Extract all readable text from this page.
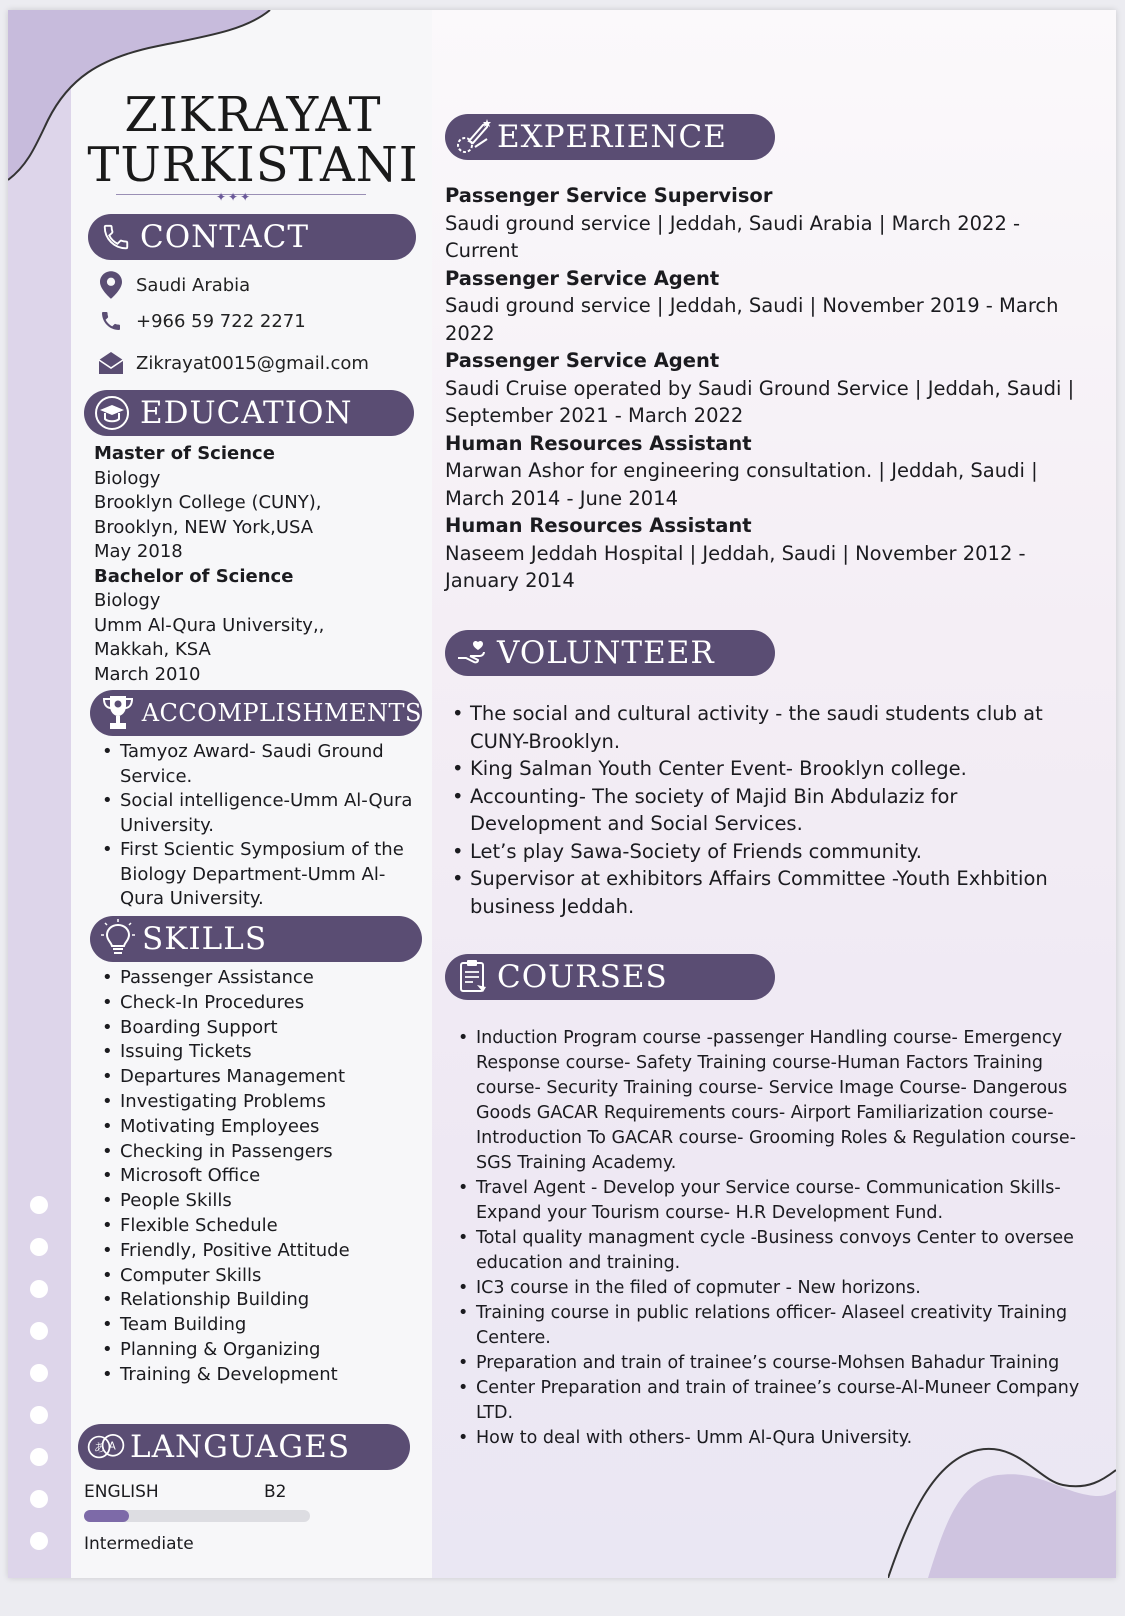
ZIKRAYAT
TURKISTANI
✦✦✦
CONTACT
Saudi Arabia
+966 59 722 2271
Zikrayat0015@gmail.com
EDUCATION
Master of Science
Biology
Brooklyn College (CUNY),
Brooklyn, NEW York,USA
May 2018
Bachelor of Science
Biology
Umm Al-Qura University,,
Makkah, KSA
March 2010
ACCOMPLISHMENTS
• Tamyoz Award- Saudi Ground Service.
• Social intelligence-Umm Al-Qura University.
• First Scientic Symposium of the Biology Department-Umm Al-Qura University.
SKILLS
• Passenger Assistance
• Check-In Procedures
• Boarding Support
• Issuing Tickets
• Departures Management
• Investigating Problems
• Motivating Employees
• Checking in Passengers
• Microsoft Office
• People Skills
• Flexible Schedule
• Friendly, Positive Attitude
• Computer Skills
• Relationship Building
• Team Building
• Planning & Organizing
• Training & Development
あ A LANGUAGES
ENGLISH	B2
Intermediate
EXPERIENCE
Passenger Service Supervisor
Saudi ground service | Jeddah, Saudi Arabia | March 2022 - Current
Passenger Service Agent
Saudi ground service | Jeddah, Saudi | November 2019 - March 2022
Passenger Service Agent
Saudi Cruise operated by Saudi Ground Service | Jeddah, Saudi | September 2021 - March 2022
Human Resources Assistant
Marwan Ashor for engineering consultation. | Jeddah, Saudi | March 2014 - June 2014
Human Resources Assistant
Naseem Jeddah Hospital | Jeddah, Saudi | November 2012 - January 2014
VOLUNTEER
• The social and cultural activity - the saudi students club at CUNY-Brooklyn.
• King Salman Youth Center Event- Brooklyn college.
• Accounting- The society of Majid Bin Abdulaziz for Development and Social Services.
• Let’s play Sawa-Society of Friends community.
• Supervisor at exhibitors Affairs Committee -Youth Exhbition business Jeddah.
COURSES
• Induction Program course -passenger Handling course- Emergency Response course- Safety Training course-Human Factors Training course- Security Training course- Service Image Course- Dangerous Goods GACAR Requirements cours- Airport Familiarization course-Introduction To GACAR course- Grooming Roles & Regulation course- SGS Training Academy.
• Travel Agent - Develop your Service course- Communication Skills-Expand your Tourism course- H.R Development Fund.
• Total quality managment cycle -Business convoys Center to oversee education and training.
• IC3 course in the filed of copmuter - New horizons.
• Training course in public relations officer- Alaseel creativity Training Centere.
• Preparation and train of trainee’s course-Mohsen Bahadur Training
• Center Preparation and train of trainee’s course-Al-Muneer Company LTD.
• How to deal with others- Umm Al-Qura University.
